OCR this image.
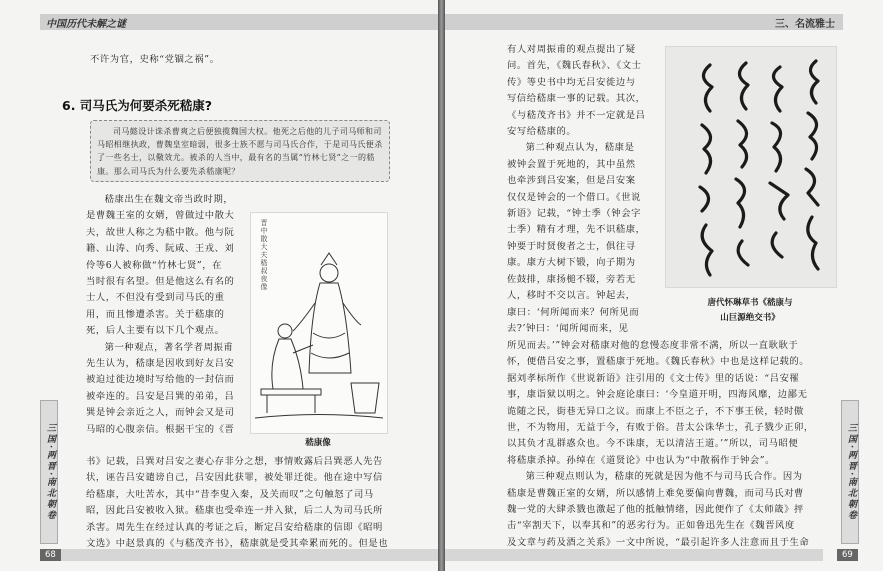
中国历代未解之谜

不许为官，史称“党锢之祸”。

6. 司马氏为何要杀死嵇康?
司马懿设计诛杀曹爽之后便独揽魏国大权。他死之后他的儿子司马师和司马昭相继执政，曹魏皇室暗弱，很多士族不愿与司马氏合作，于是司马氏便杀了一些名士，以儆效尤。被杀的人当中，最有名的当属“竹林七贤”之一的嵇康。那么司马氏为什么要先杀嵇康呢？

嵇康出生在魏文帝当政时期，

是曹魏王室的女婿，曾做过中散大

夫，故世人称之为嵇中散。他与阮

籍、山涛、向秀、阮咸、王戎、刘

伶等6人被称做“竹林七贤”，在

当时很有名望。但是他这么有名的

士人，不但没有受到司马氏的重

用，而且惨遭杀害。关于嵇康的

死，后人主要有以下几个观点。

第一种观点，著名学者周振甫

先生认为，嵇康是因收到好友吕安

被迫过徙边境时写给他的一封信而

被牵连的。吕安是吕巽的弟弟，吕

巽是钟会亲近之人，而钟会又是司

马昭的心腹亲信。根据干宝的《晋

晋中散大夫嵇叔夜像
嵇康像

书》记载，吕巽对吕安之妻心存非分之想，事情败露后吕巽恶人先告

状，诬告吕安谴谤自己，吕安因此获罪，被处罪迁徙。他在途中写信

给嵇康，大吐苦水，其中“昔李叟入秦，及关而叹”之句触怒了司马

昭，因此吕安被收入狱。嵇康也受牵连一并入狱，后二人为司马氏所

杀害。周先生在经过认真的考证之后，断定吕安给嵇康的信即《昭明

文选》中赵景真的《与嵇茂齐书》，嵇康就是受其牵累而死的。但是也

三国·两晋·南北朝卷
68
三、名流雅士

有人对周振甫的观点提出了疑

问。首先，《魏氏春秋》、《文士

传》等史书中均无吕安徙边与

写信给嵇康一事的记载。其次，

《与嵇茂齐书》并不一定就是吕

安写给嵇康的。

第二种观点认为，嵇康是

被钟会置于死地的，其中虽然

也牵涉到吕安案，但是吕安案

仅仅是钟会的一个借口。《世说

新语》记载，“钟士季（钟会字

士季）精有才理，先不识嵇康，

钟要于时贤俊者之士，俱往寻

康。康方大树下锻，向子期为

佐鼓排，康扬槌不辍，旁若无

人，移时不交以言。钟起去，

康曰：‘何所闻而来？何所见而

去?’钟曰：‘闻所闻而来，见

唐代怀琳草书《嵇康与
山巨源绝交书》

所见而去。’”钟会对嵇康对他的怠慢态度非常不满，所以一直耿耿于

怀，便借吕安之事，置嵇康于死地。《魏氏春秋》中也是这样记载的。

据刘孝标所作《世说新语》注引用的《文士传》里的话说：“吕安罹

事，康诣狱以明之。钟会庭论康曰：‘今皇道开明，四海风靡，边鄙无

诡随之民，街巷无异口之议。而康上不臣之子，不下事王侯，轻时傲

世，不为物用，无益于今，有败于俗。昔太公诛华士，孔子戮少正卯，

以其负才乱群惑众也。今不诛康，无以清洁王道。’”所以，司马昭便

将嵇康杀掉。孙绰在《道贤论》中也认为“中散祸作于钟会”。

第三种观点则认为，嵇康的死就是因为他不与司马氏合作。因为

嵇康是曹魏正室的女婿，所以感情上难免要偏向曹魏，而司马氏对曹

魏一党的大肆杀戮也激起了他的抵触情绪，因此便作了《太师箴》抨

击“宰割天下，以奉其和”的恶劣行为。正如鲁迅先生在《魏晋风度

及文章与药及酒之关系》一文中所说，“最引起许多人注意而且于生命

三国·两晋·南北朝卷
69
